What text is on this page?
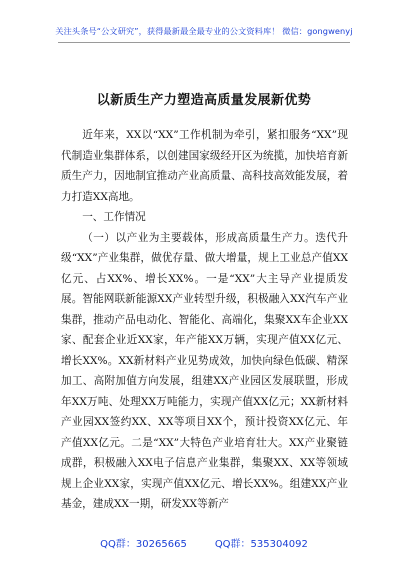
关注头条号“公文研究”，获得最新最全最专业的公文资料库！ 微信：gongwenyj
以新质生产力塑造高质量发展新优势

近年来，XX以“XX”工作机制为牵引，紧扣服务“XX”现代制造业集群体系，以创建国家级经开区为统揽，加快培育新质生产力，因地制宜推动产业高质量、高科技高效能发展，着力打造XX高地。

一、工作情况

（一）以产业为主要载体，形成高质量生产力。迭代升级“XX”产业集群，做优存量、做大增量，规上工业总产值XX亿元、占XX%、增长XX%。一是“XX”大主导产业提质发展。智能网联新能源XX产业转型升级，积极融入XX汽车产业集群，推动产品电动化、智能化、高端化，集聚XX车企业XX家、配套企业近XX家，年产能XX万辆，实现产值XX亿元、增长XX%。XX新材料产业见势成效，加快向绿色低碳、精深加工、高附加值方向发展，组建XX产业园区发展联盟，形成年XX万吨、处理XX万吨能力，实现产值XX亿元；XX新材料产业园XX签约XX、XX等项目XX个，预计投资XX亿元、年产值XX亿元。二是“XX”大特色产业培育壮大。XX产业聚链成群，积极融入XX电子信息产业集群，集聚XX、XX等领域规上企业XX家，实现产值XX亿元、增长XX%。组建XX产业基金，建成XX一期，研发XX等新产

QQ群：30265665	QQ群：535304092
